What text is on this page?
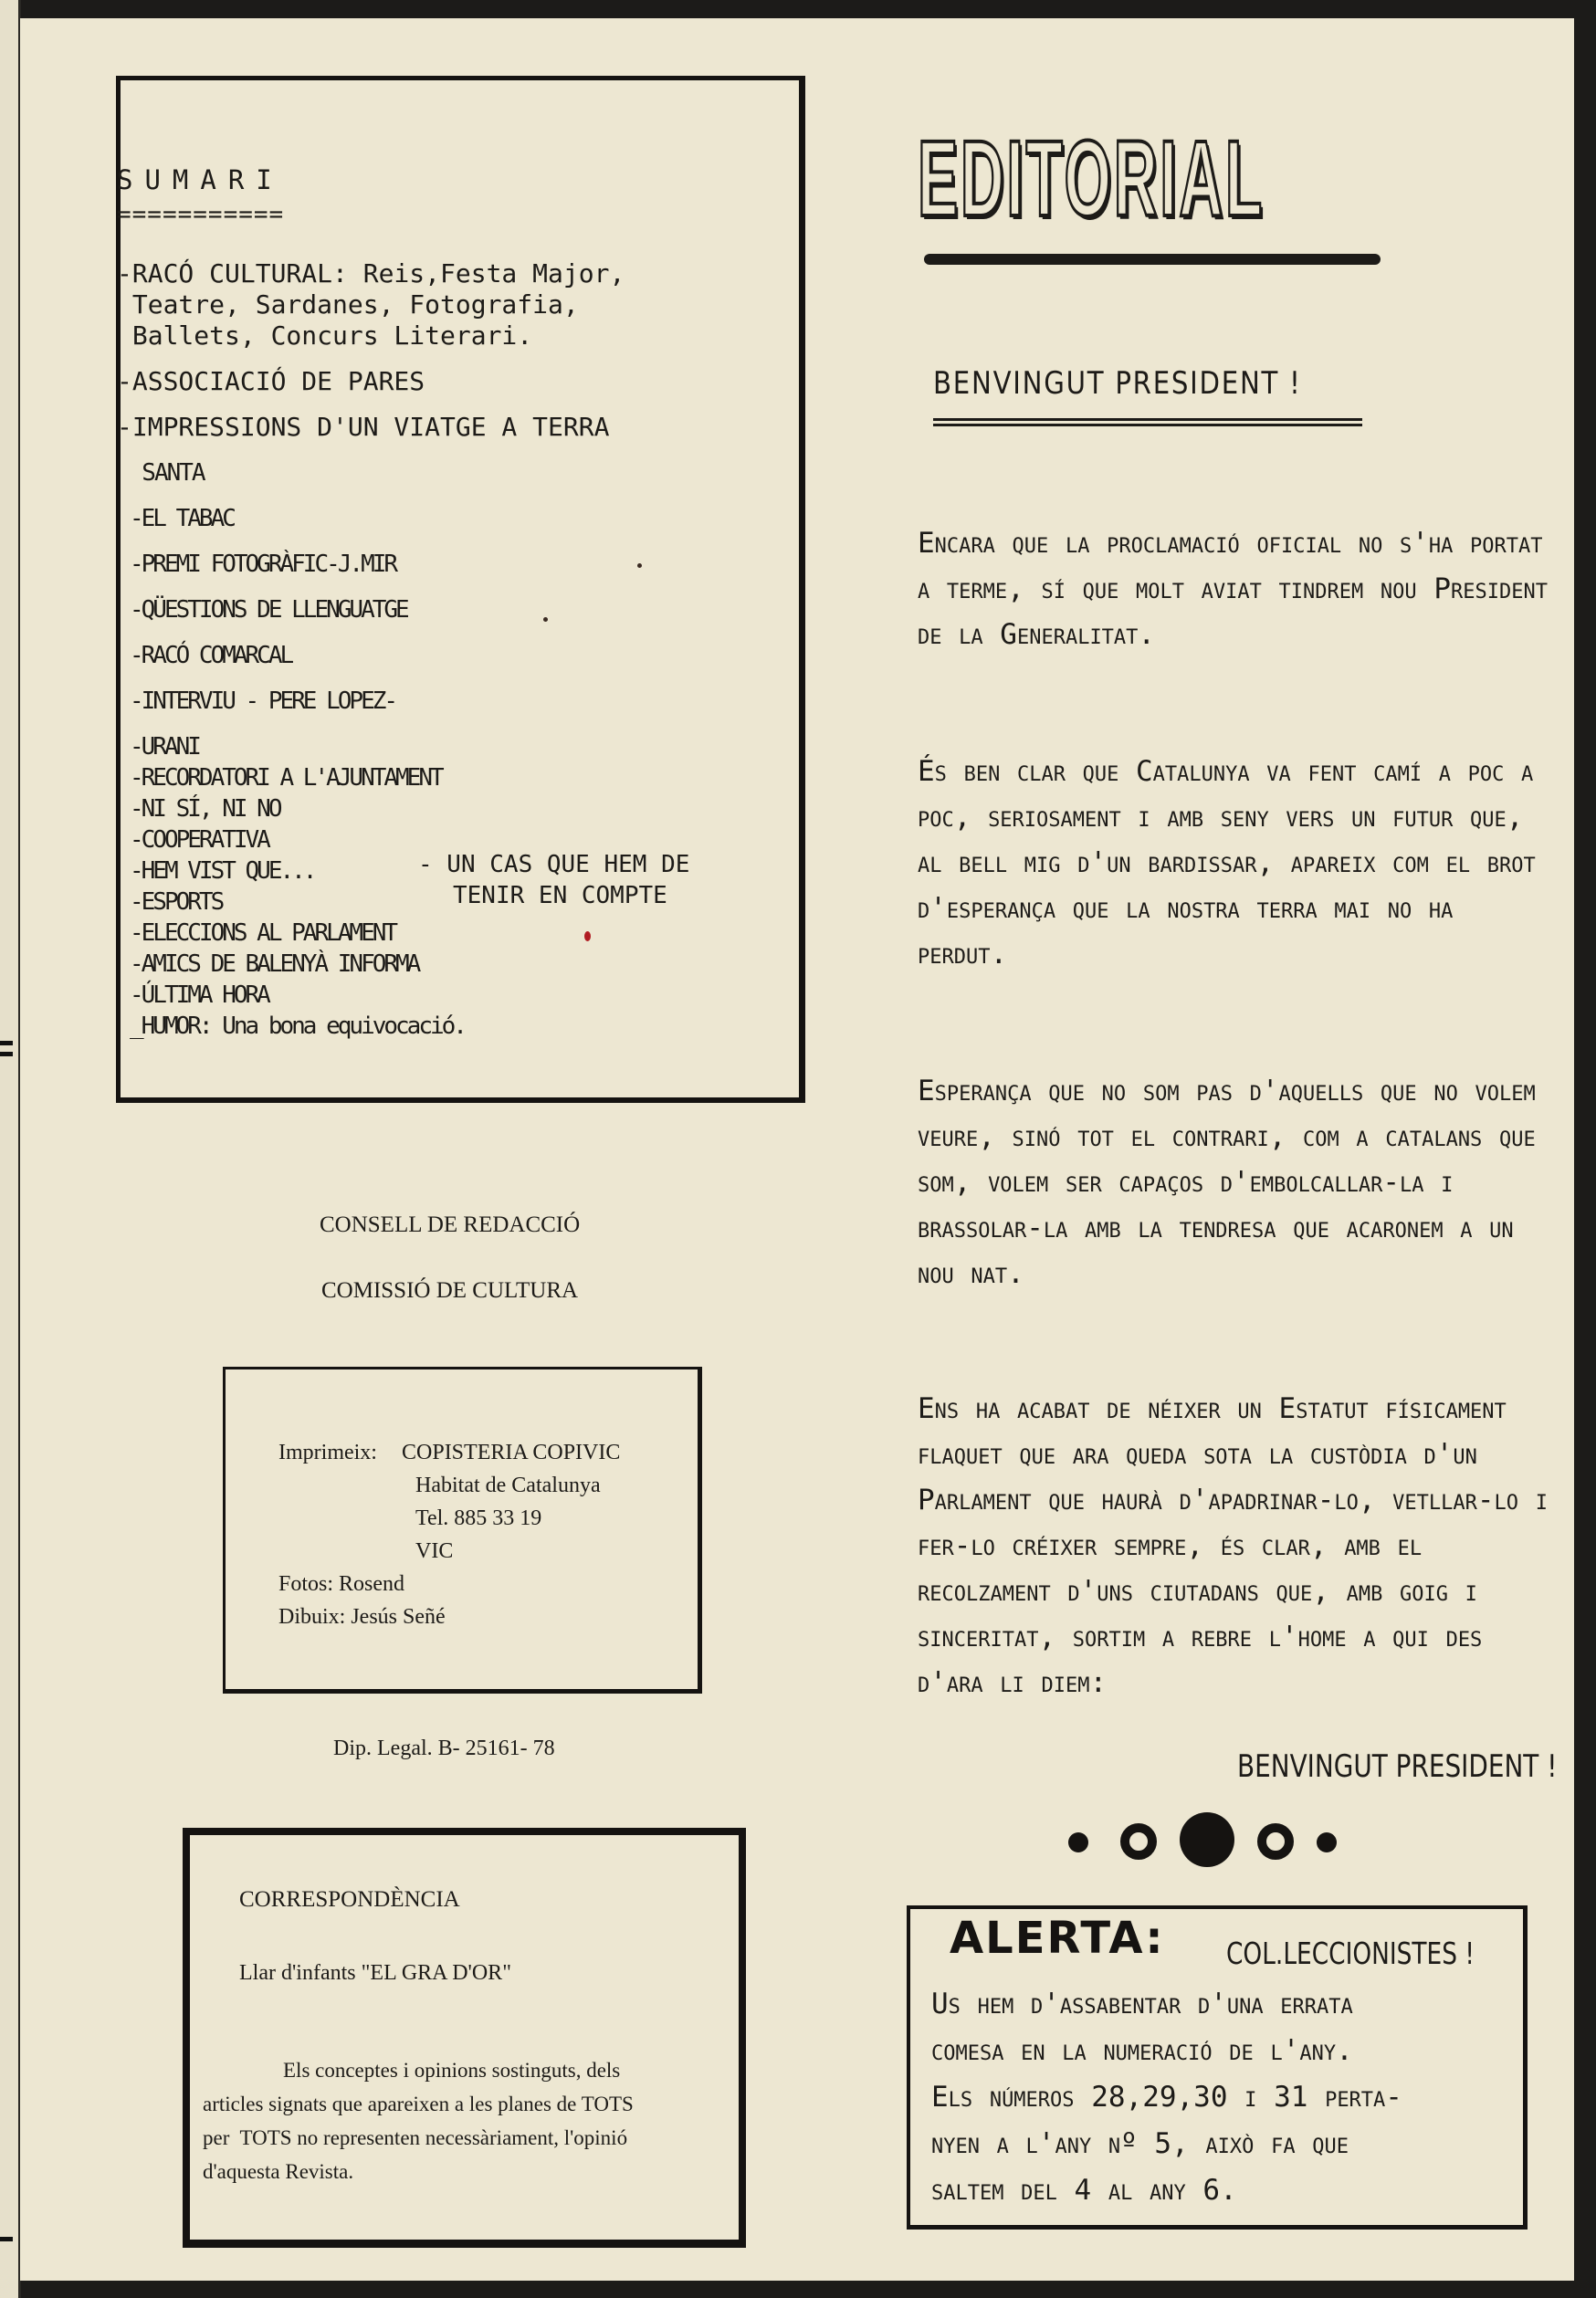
SUMARI
===========
-RACÓ CULTURAL: Reis,Festa Major,
Teatre, Sardanes, Fotografia,
Ballets, Concurs Literari.
-ASSOCIACIÓ DE PARES
-IMPRESSIONS D'UN VIATGE A TERRA
SANTA
-EL TABAC
-PREMI FOTOGRÀFIC-J.MIR
-QÜESTIONS DE LLENGUATGE
-RACÓ COMARCAL
-INTERVIU - PERE LOPEZ-
-URANI
-RECORDATORI A L'AJUNTAMENT
-NI SÍ, NI NO
-COOPERATIVA
-HEM VIST QUE...
-ESPORTS
-ELECCIONS AL PARLAMENT
-AMICS DE BALENYÀ INFORMA
-ÚLTIMA HORA
_HUMOR: Una bona equivocació.
- UN CAS QUE HEM DE
TENIR EN COMPTE
CONSELL DE REDACCIÓ
COMISSIÓ DE CULTURA
Imprimeix: COPISTERIA COPIVIC
Habitat de Catalunya
Tel. 885 33 19
VIC
Fotos: Rosend
Dibuix: Jesús Señé
Dip. Legal. B- 25161- 78
CORRESPONDÈNCIA
Llar d'infants "EL GRA D'OR"
Els conceptes i opinions sostinguts, dels
articles signats que apareixen a les planes de TOTS
per  TOTS no representen necessàriament, l'opinió
d'aquesta Revista.
EDITORIAL
BENVINGUT PRESIDENT !

Encara que la proclamació oficial no s'ha portat a terme, sí que molt aviat tindrem nou President de la Generalitat.

És ben clar que Catalunya va fent camí a poc a poc, seriosament i amb seny vers un futur que, al bell mig d'un bardissar, apareix com el brot d'esperança que la nostra terra mai no ha perdut.

Esperança que no som pas d'aquells que no volem veure, sinó tot el contrari, com a catalans que som, volem ser capaços d'embolcallar-la i brassolar-la amb la tendresa que acaronem a un nou nat.

Ens ha acabat de néixer un Estatut físicament flaquet que ara queda sota la custòdia d'un Parlament que haurà d'apadrinar-lo, vetllar-lo i fer-lo créixer sempre, és clar, amb el recolzament d'uns ciutadans que, amb goig i sinceritat, sortim a rebre l'home a qui des d'ara li diem:

BENVINGUT PRESIDENT !
ALERTA: COL.LECCIONISTES !
Us hem d'assabentar d'una errata
comesa en la numeració de l'any.
Els números 28,29,30 i 31 perta-
nyen a l'any nº 5, això fa que
saltem del 4 al any 6.
